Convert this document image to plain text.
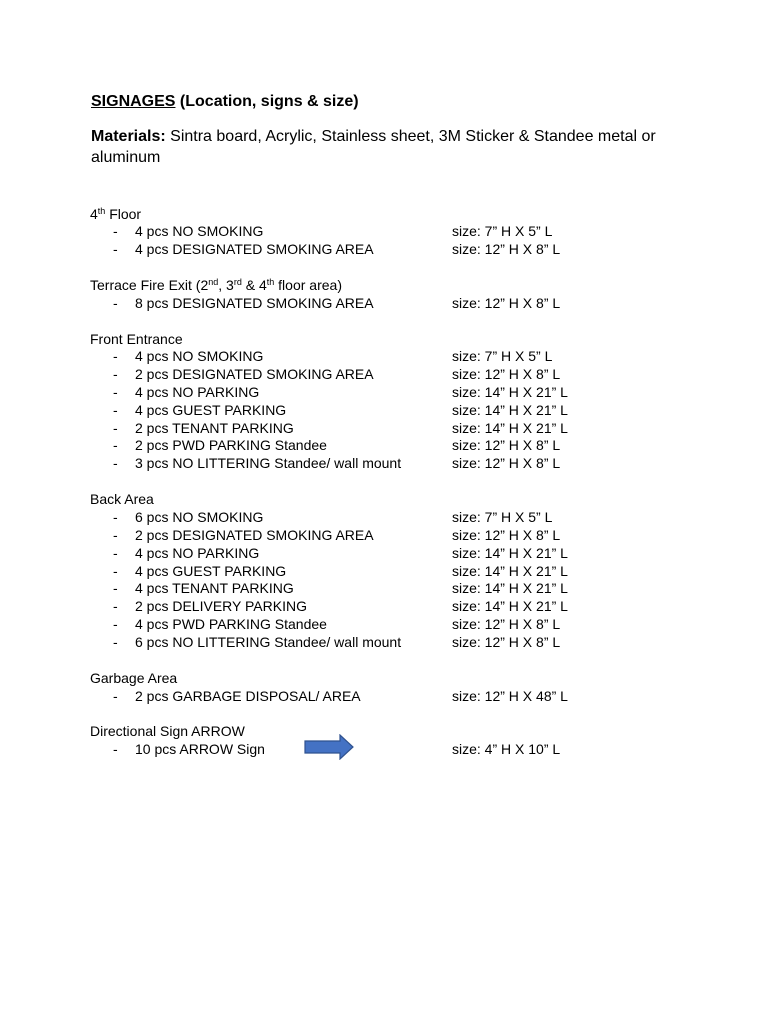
SIGNAGES (Location, signs & size)
Materials: Sintra board, Acrylic, Stainless sheet, 3M Sticker & Standee metal or aluminum
4th Floor
- 4 pcs NO SMOKING	size: 7” H X 5” L
- 4 pcs DESIGNATED SMOKING AREA	size: 12” H X 8” L
Terrace Fire Exit (2nd, 3rd & 4th floor area)
- 8 pcs DESIGNATED SMOKING AREA	size: 12” H X 8” L
Front Entrance
- 4 pcs NO SMOKING	size: 7” H X 5” L
- 2 pcs DESIGNATED SMOKING AREA	size: 12” H X 8” L
- 4 pcs NO PARKING	size: 14” H X 21” L
- 4 pcs GUEST PARKING	size: 14” H X 21” L
- 2 pcs TENANT PARKING	size: 14” H X 21” L
- 2 pcs PWD PARKING Standee	size: 12” H X 8” L
- 3 pcs NO LITTERING Standee/ wall mount	size: 12” H X 8” L
Back Area
- 6 pcs NO SMOKING	size: 7” H X 5” L
- 2 pcs DESIGNATED SMOKING AREA	size: 12” H X 8” L
- 4 pcs NO PARKING	size: 14” H X 21” L
- 4 pcs GUEST PARKING	size: 14” H X 21” L
- 4 pcs TENANT PARKING	size: 14” H X 21” L
- 2 pcs DELIVERY PARKING	size: 14” H X 21” L
- 4 pcs PWD PARKING Standee	size: 12” H X 8” L
- 6 pcs NO LITTERING Standee/ wall mount	size: 12” H X 8” L
Garbage Area
- 2 pcs GARBAGE DISPOSAL/ AREA	size: 12” H X 48” L
Directional Sign ARROW
- 10 pcs ARROW Sign	size: 4” H X 10” L
